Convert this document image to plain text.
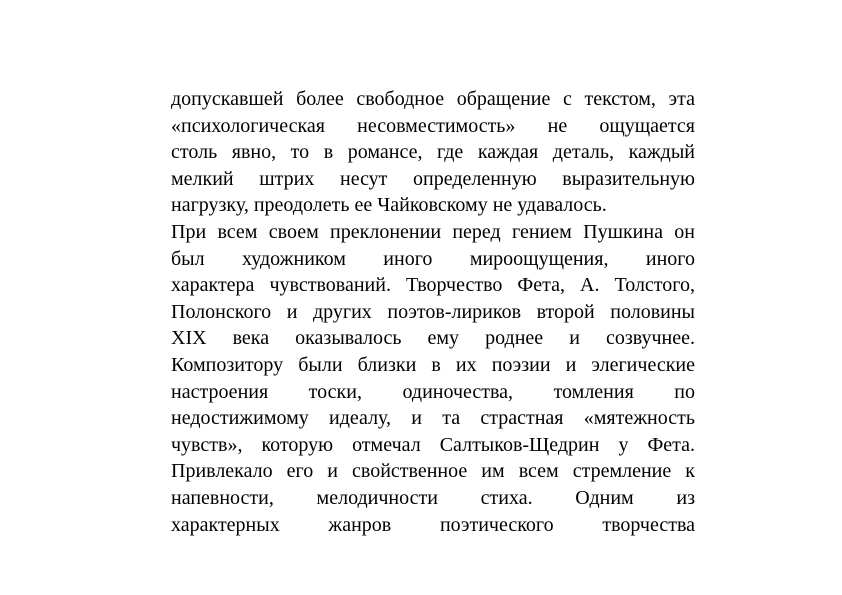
допускавшей более свободное обращение с текстом, эта
«психологическая несовместимость» не ощущается
столь явно, то в романсе, где каждая деталь, каждый
мелкий штрих несут определенную выразительную
нагрузку, преодолеть ее Чайковскому не удавалось.
При всем своем преклонении перед гением Пушкина он
был художником иного мироощущения, иного
характера чувствований. Творчество Фета, А. Толстого,
Полонского и других поэтов-лириков второй половины
XIX века оказывалось ему роднее и созвучнее.
Композитору были близки в их поэзии и элегические
настроения тоски, одиночества, томления по
недостижимому идеалу, и та страстная «мятежность
чувств», которую отмечал Салтыков-Щедрин у Фета.
Привлекало его и свойственное им всем стремление к
напевности, мелодичности стиха. Одним из
характерных жанров поэтического творчества
